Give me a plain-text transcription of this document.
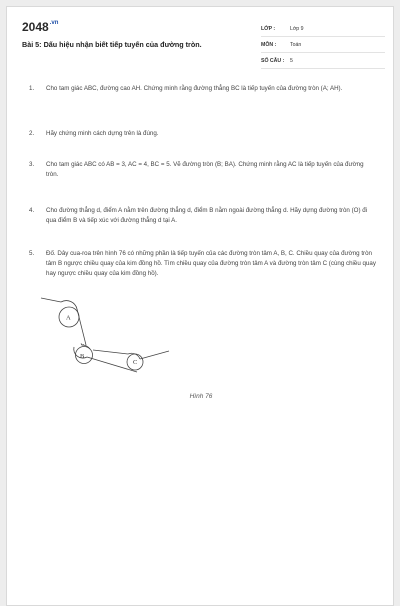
$2048^{.vn}$
Bài 5: Dấu hiệu nhận biết tiếp tuyến của đường tròn.
LỚP :	Lớp 9
MÔN :	Toán
SỐ CÂU :	5
1.	Cho tam giác ABC, đường cao AH. Chứng minh rằng đường thẳng BC là tiếp tuyến của đường tròn (A; AH).
2.	Hãy chứng minh cách dựng trên là đúng.
3.	Cho tam giác ABC có AB = 3, AC = 4, BC = 5. Vẽ đường tròn (B; BA). Chứng minh rằng AC là tiếp tuyến của đường tròn.
4.	Cho đường thẳng d, điểm A nằm trên đường thẳng d, điểm B nằm ngoài đường thẳng d. Hãy dựng đường tròn (O) đi qua điểm B và tiếp xúc với đường thẳng d tại A.
5.	Đố. Dây cua-roa trên hình 76 có những phần là tiếp tuyến của các đường tròn tâm A, B, C. Chiều quay của đường tròn tâm B ngược chiều quay của kim đồng hồ. Tìm chiều quay của đường tròn tâm A và đường tròn tâm C (cùng chiều quay hay ngược chiều quay của kim đồng hồ).
A
B
C
Hình 76
